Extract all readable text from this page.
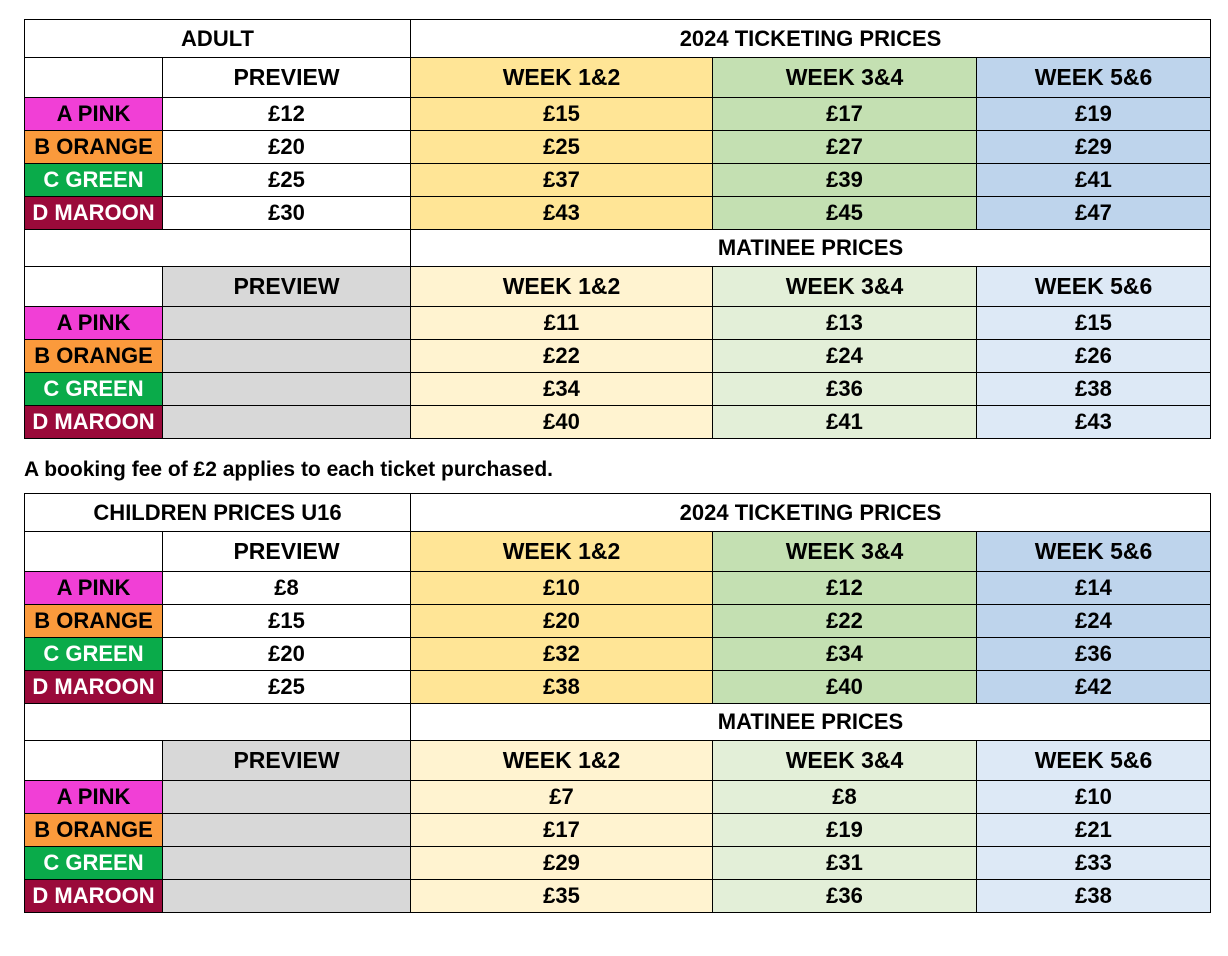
ADULT		2024 TICKETING PRICES		
	PREVIEW	WEEK 1&2	WEEK 3&4	WEEK 5&6
A PINK	£12	£15	£17	£19
B ORANGE	£20	£25	£27	£29
C GREEN	£25	£37	£39	£41
D MAROON	£30	£43	£45	£47
		MATINEE PRICES		
	PREVIEW	WEEK 1&2	WEEK 3&4	WEEK 5&6
A PINK		£11	£13	£15
B ORANGE		£22	£24	£26
C GREEN		£34	£36	£38
D MAROON		£40	£41	£43
A booking fee of £2 applies to each ticket purchased.
CHILDREN PRICES U16		2024 TICKETING PRICES		
	PREVIEW	WEEK 1&2	WEEK 3&4	WEEK 5&6
A PINK	£8	£10	£12	£14
B ORANGE	£15	£20	£22	£24
C GREEN	£20	£32	£34	£36
D MAROON	£25	£38	£40	£42
		MATINEE PRICES		
	PREVIEW	WEEK 1&2	WEEK 3&4	WEEK 5&6
A PINK		£7	£8	£10
B ORANGE		£17	£19	£21
C GREEN		£29	£31	£33
D MAROON		£35	£36	£38
